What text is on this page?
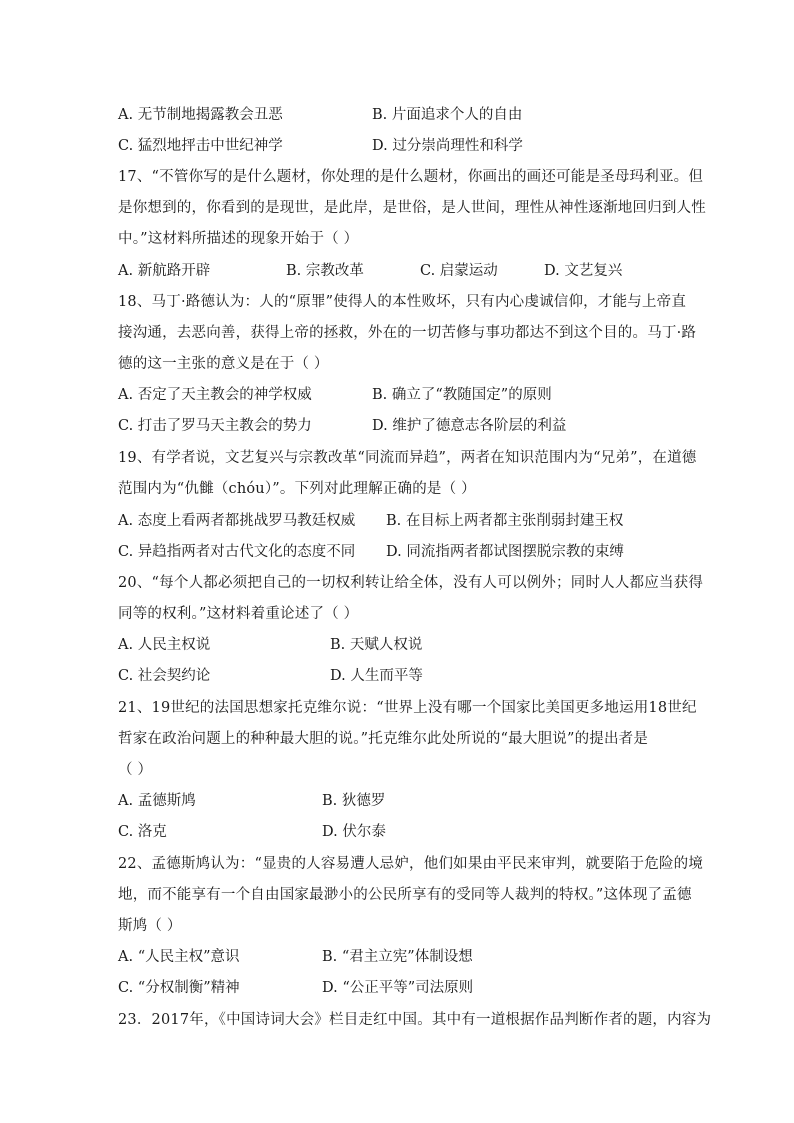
A. 无节制地揭露教会丑恶	B. 片面追求个人的自由
C. 猛烈地抨击中世纪神学	D. 过分崇尚理性和科学
17、“不管你写的是什么题材，你处理的是什么题材，你画出的画还可能是圣母玛利亚。但
是你想到的，你看到的是现世，是此岸，是世俗，是人世间，理性从神性逐渐地回归到人性
中。”这材料所描述的现象开始于（ ）
A. 新航路开辟	B. 宗教改革	C. 启蒙运动	D. 文艺复兴
18、马丁·路德认为：人的“原罪”使得人的本性败坏，只有内心虔诚信仰，才能与上帝直
接沟通，去恶向善，获得上帝的拯救，外在的一切苦修与事功都达不到这个目的。马丁·路
德的这一主张的意义是在于（ ）
A. 否定了天主教会的神学权威	B. 确立了“教随国定”的原则
C. 打击了罗马天主教会的势力	D. 维护了德意志各阶层的利益
19、有学者说，文艺复兴与宗教改革“同流而异趋”，两者在知识范围内为“兄弟”，在道德
范围内为“仇雠（chóu）”。下列对此理解正确的是（ ）
A. 态度上看两者都挑战罗马教廷权威 B. 在目标上两者都主张削弱封建王权
C. 异趋指两者对古代文化的态度不同 D. 同流指两者都试图摆脱宗教的束缚
20、“每个人都必须把自己的一切权利转让给全体，没有人可以例外；同时人人都应当获得
同等的权利。”这材料着重论述了（ ）
A. 人民主权说	B. 天赋人权说
C. 社会契约论	D. 人生而平等
21、19世纪的法国思想家托克维尔说：“世界上没有哪一个国家比美国更多地运用18世纪
哲家在政治问题上的种种最大胆的说。”托克维尔此处所说的“最大胆说”的提出者是
（ ）
A. 孟德斯鸠	B. 狄德罗
C. 洛克	D. 伏尔泰
22、孟德斯鸠认为：“显贵的人容易遭人忌妒，他们如果由平民来审判，就要陷于危险的境
地，而不能享有一个自由国家最渺小的公民所享有的受同等人裁判的特权。”这体现了孟德
斯鸠（ ）
A. “人民主权”意识	B. “君主立宪”体制设想
C. “分权制衡”精神	D. “公正平等”司法原则
23．2017年，《中国诗词大会》栏目走红中国。其中有一道根据作品判断作者的题，内容为
